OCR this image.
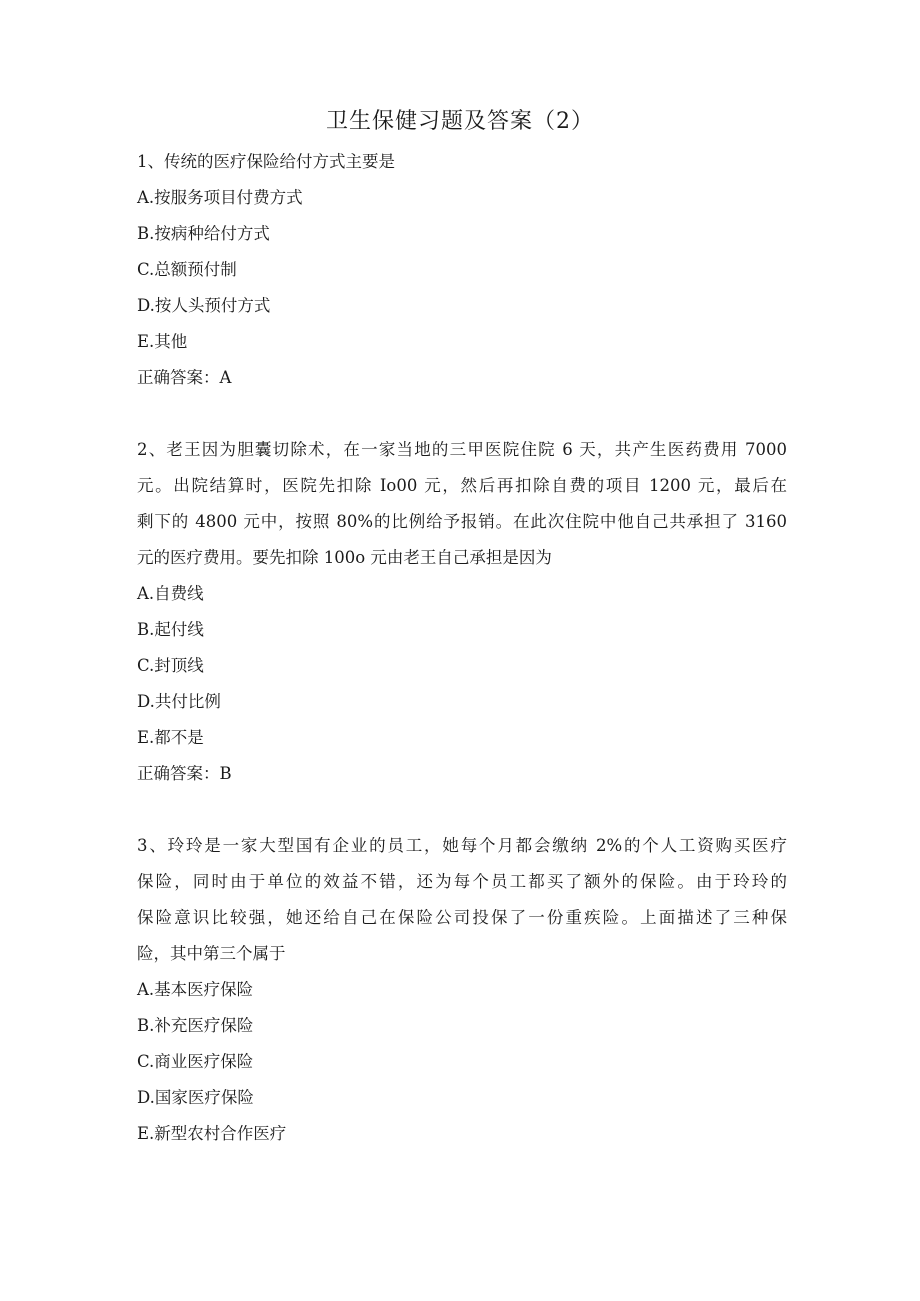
卫生保健习题及答案（2）
1、传统的医疗保险给付方式主要是
A.按服务项目付费方式
B.按病种给付方式
C.总额预付制
D.按人头预付方式
E.其他
正确答案：A
2、老王因为胆囊切除术，在一家当地的三甲医院住院 6 天，共产生医药费用 7000
元。出院结算时，医院先扣除 Io00 元，然后再扣除自费的项目 1200 元，最后在
剩下的 4800 元中，按照 80%的比例给予报销。在此次住院中他自己共承担了 3160
元的医疗费用。要先扣除 100o 元由老王自己承担是因为
A.自费线
B.起付线
C.封顶线
D.共付比例
E.都不是
正确答案：B
3、玲玲是一家大型国有企业的员工，她每个月都会缴纳 2%的个人工资购买医疗
保险，同时由于单位的效益不错，还为每个员工都买了额外的保险。由于玲玲的
保险意识比较强，她还给自己在保险公司投保了一份重疾险。上面描述了三种保
险，其中第三个属于
A.基本医疗保险
B.补充医疗保险
C.商业医疗保险
D.国家医疗保险
E.新型农村合作医疗
